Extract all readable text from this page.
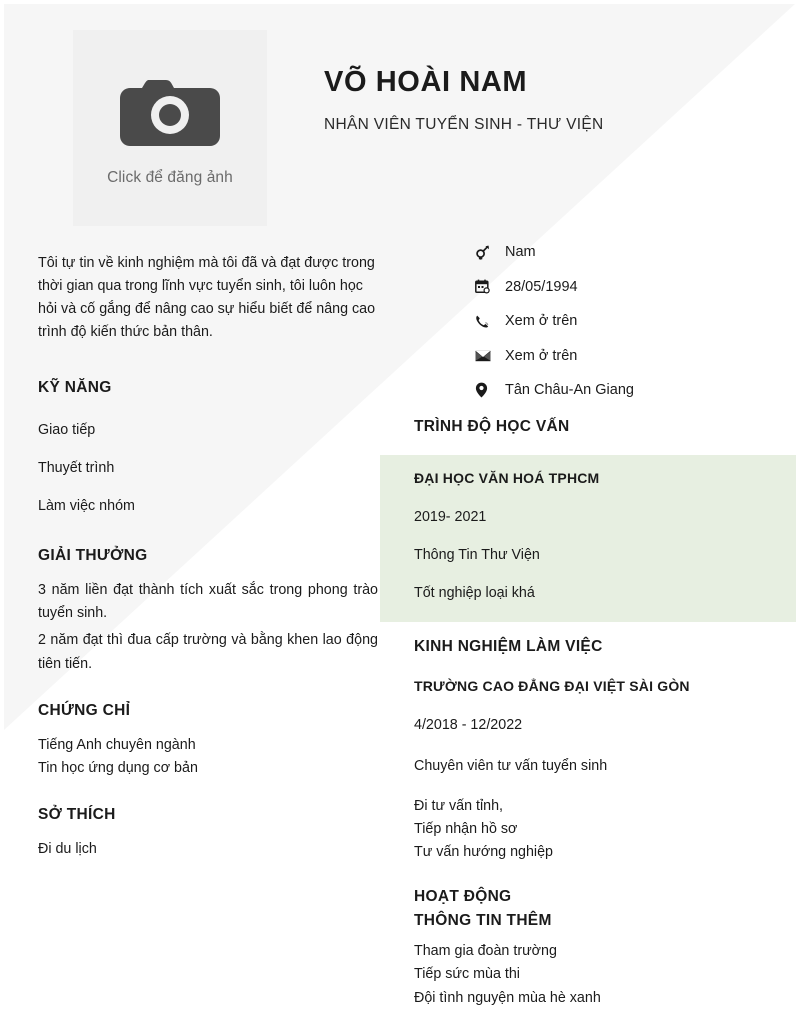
Click để đăng ảnh
VÕ HOÀI NAM
NHÂN VIÊN TUYỂN SINH - THƯ VIỆN
Nam
28/05/1994
Xem ở trên
Xem ở trên
Tân Châu-An Giang
Tôi tự tin về kinh nghiệm mà tôi đã và đạt được trong thời gian qua trong lĩnh vực tuyển sinh, tôi luôn học hỏi và cố gắng để nâng cao sự hiểu biết để nâng cao trình độ kiến thức bản thân.
KỸ NĂNG
Giao tiếp
Thuyết trình
Làm việc nhóm
GIẢI THƯỞNG
3 năm liền đạt thành tích xuất sắc trong phong trào tuyển sinh.
2 năm đạt thì đua cấp trường và bằng khen lao động tiên tiến.
CHỨNG CHỈ
Tiếng Anh chuyên ngành
Tin học ứng dụng cơ bản
SỞ THÍCH
Đi du lịch
TRÌNH ĐỘ HỌC VẤN
ĐẠI HỌC VĂN HOÁ TPHCM
2019- 2021
Thông Tin Thư Viện
Tốt nghiệp loại khá
KINH NGHIỆM LÀM VIỆC
TRƯỜNG CAO ĐẲNG ĐẠI VIỆT SÀI GÒN
4/2018 - 12/2022
Chuyên viên tư vấn tuyển sinh
Đi tư vấn tỉnh,
Tiếp nhận hồ sơ
Tư vấn hướng nghiệp
HOẠT ĐỘNG
THÔNG TIN THÊM
Tham gia đoàn trường
Tiếp sức mùa thi
Đội tình nguyện mùa hè xanh
